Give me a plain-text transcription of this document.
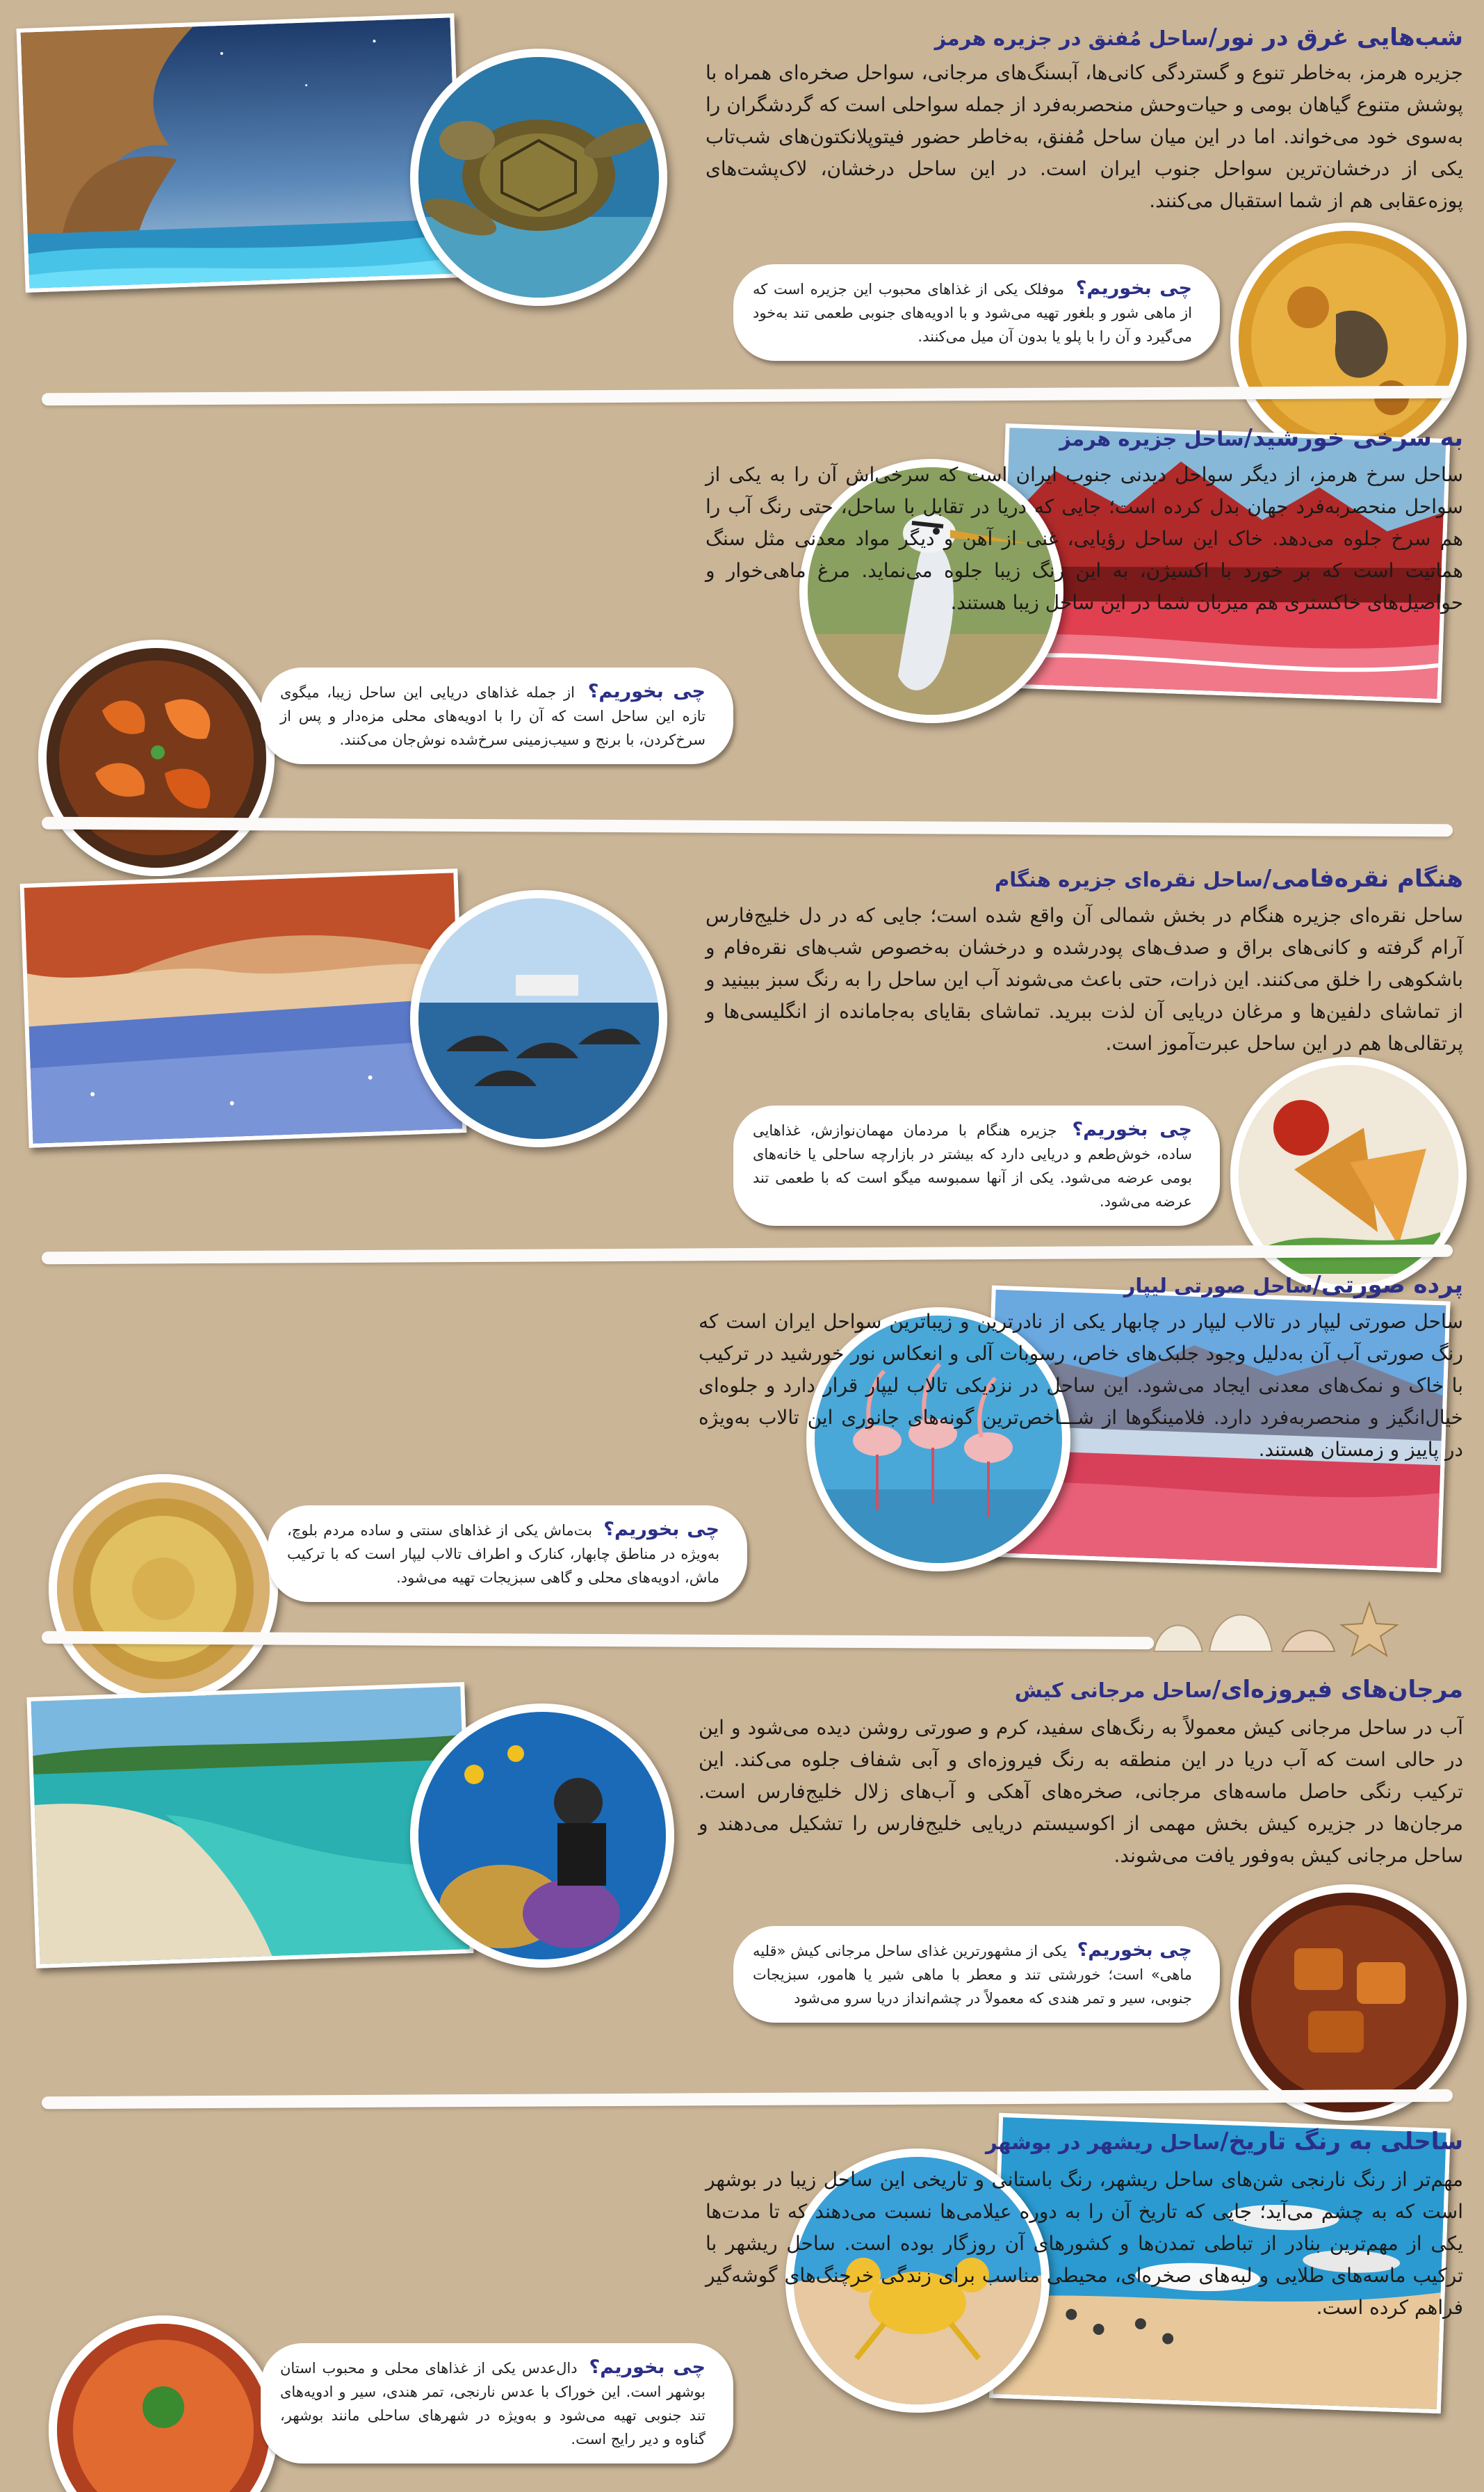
شب‌هایی غرق در نور/ساحل مُفنق در جزیره هرمز

جزیره هرمز، به‌خاطر تنوع و گستردگی کانی‌ها، آبسنگ‌های مرجانی، سواحل صخره‌ای همراه با پوشش متنوع گیاهان بومی و حیات‌وحش منحصربه‌فرد از جمله سواحلی است که گردشگران را به‌سوی خود می‌خواند. اما در این میان ساحل مُفنق، به‌خاطر حضور فیتوپلانکتون‌های شب‌تاب یکی از درخشان‌ترین سواحل جنوب ایران است. در این ساحل درخشان، لاک‌پشت‌های پوزه‌عقابی هم از شما استقبال می‌کنند.

چی بخوریم؟ موفلک یکی از غذاهای محبوب این جزیره است که از ماهی شور و بلغور تهیه می‌شود و با ادویه‌های جنوبی طعمی تند به‌خود می‌گیرد و آن را با پلو یا بدون آن میل می‌کنند.
به سرخی خورشید/ساحل جزیره هرمز

ساحل سرخ هرمز، از دیگر سواحل دیدنی جنوب ایران است که سرخی‌اش آن را به یکی از سواحل منحصربه‌فرد جهان بدل کرده است؛ جایی که دریا در تقابل با ساحل، حتی رنگ آب را هم سرخ جلوه می‌دهد. خاک این ساحل رؤیایی، غنی از آهن و دیگر مواد معدنی مثل سنگ هماتیت است که بر خورد با اکسیژن، به این رنگ زیبا جلوه می‌نماید. مرغ ماهی‌خوار و حواصیل‌های خاکستری هم میزبان شما در این ساحل زیبا هستند.

چی بخوریم؟ از جمله غذاهای دریایی این ساحل زیبا، میگوی تازه این ساحل است که آن را با ادویه‌های محلی مزه‌دار و پس از سرخ‌کردن، با برنج و سیب‌زمینی سرخ‌شده نوش‌جان می‌کنند.
هنگام نقره‌فامی/ساحل نقره‌ای جزیره هنگام

ساحل نقره‌ای جزیره هنگام در بخش شمالی آن واقع شده است؛ جایی که در دل خلیج‌فارس آرام گرفته و کانی‌های براق و صدف‌های پودرشده و درخشان به‌خصوص شب‌های نقره‌فام و باشکوهی را خلق می‌کنند. این ذرات، حتی باعث می‌شوند آب این ساحل را به رنگ سبز ببینید و از تماشای دلفین‌ها و مرغان دریایی آن لذت ببرید. تماشای بقایای به‌جامانده از انگلیسی‌ها و پرتقالی‌ها هم در این ساحل عبرت‌آموز است.

چی بخوریم؟ جزیره هنگام با مردمان مهمان‌نوازش، غذاهایی ساده، خوش‌طعم و دریایی دارد که بیشتر در بازارچه ساحلی یا خانه‌های بومی عرضه می‌شود. یکی از آنها سمبوسه میگو است که با طعمی تند عرضه می‌شود.
پرده صورتی/ساحل صورتی لیپار

ساحل صورتی لیپار در تالاب لیپار در چابهار یکی از نادرترین و زیباترین سواحل ایران است که رنگ صورتی آب آن به‌دلیل وجود جلبک‌های خاص، رسوبات آلی و انعکاس نور خورشید در ترکیب با خاک و نمک‌های معدنی ایجاد می‌شود. این ساحل در نزدیکی تالاب لیپار قرار دارد و جلوه‌ای خیال‌انگیز و منحصربه‌فرد دارد. فلامینگوها از شـــاخص‌ترین گونه‌های جانوری این تالاب به‌ویژه در پاییز و زمستان هستند.

چی بخوریم؟ بت‌ماش یکی از غذاهای سنتی و ساده مردم بلوچ، به‌ویژه در مناطق چابهار، کنارک و اطراف تالاب لیپار است که با ترکیب ماش، ادویه‌های محلی و گاهی سبزیجات تهیه می‌شود.
مرجان‌های فیروزه‌ای/ساحل مرجانی کیش

آب در ساحل مرجانی کیش معمولاً به رنگ‌های سفید، کرم و صورتی روشن دیده می‌شود و این در حالی است که آب دریا در این منطقه به رنگ فیروزه‌ای و آبی شفاف جلوه می‌کند. این ترکیب رنگی حاصل ماسه‌های مرجانی، صخره‌های آهکی و آب‌های زلال خلیج‌فارس است. مرجان‌ها در جزیره کیش بخش مهمی از اکوسیستم دریایی خلیج‌فارس را تشکیل می‌دهند و ساحل مرجانی کیش به‌وفور یافت می‌شوند.

چی بخوریم؟ یکی از مشهورترین غذای ساحل مرجانی کیش «قلیه ماهی» است؛ خورشتی تند و معطر با ماهی شیر یا هامور، سبزیجات جنوبی، سیر و تمر هندی که معمولاً در چشم‌انداز دریا سرو می‌شود
ساحلی به رنگ تاریخ/ساحل ریشهر در بوشهر

مهم‌تر از رنگ نارنجی شن‌های ساحل ریشهر، رنگ باستانی و تاریخی این ساحل زیبا در بوشهر است که به چشم می‌آید؛ جایی که تاریخ آن را به دوره عیلامی‌ها نسبت می‌دهند که تا مدت‌ها یکی از مهم‌ترین بنادر از تباطی تمدن‌ها و کشورهای آن روزگار بوده است. ساحل ریشهر با ترکیب ماسه‌های طلایی و لبه‌های صخره‌ای، محیطی مناسب برای زندگی خرچنگ‌های گوشه‌گیر فراهم کرده است.

چی بخوریم؟ دال‌عدس یکی از غذاهای محلی و محبوب استان بوشهر است. این خوراک با عدس نارنجی، تمر هندی، سیر و ادویه‌های تند جنوبی تهیه می‌شود و به‌ویژه در شهرهای ساحلی مانند بوشهر، گناوه و دیر رایج است.
